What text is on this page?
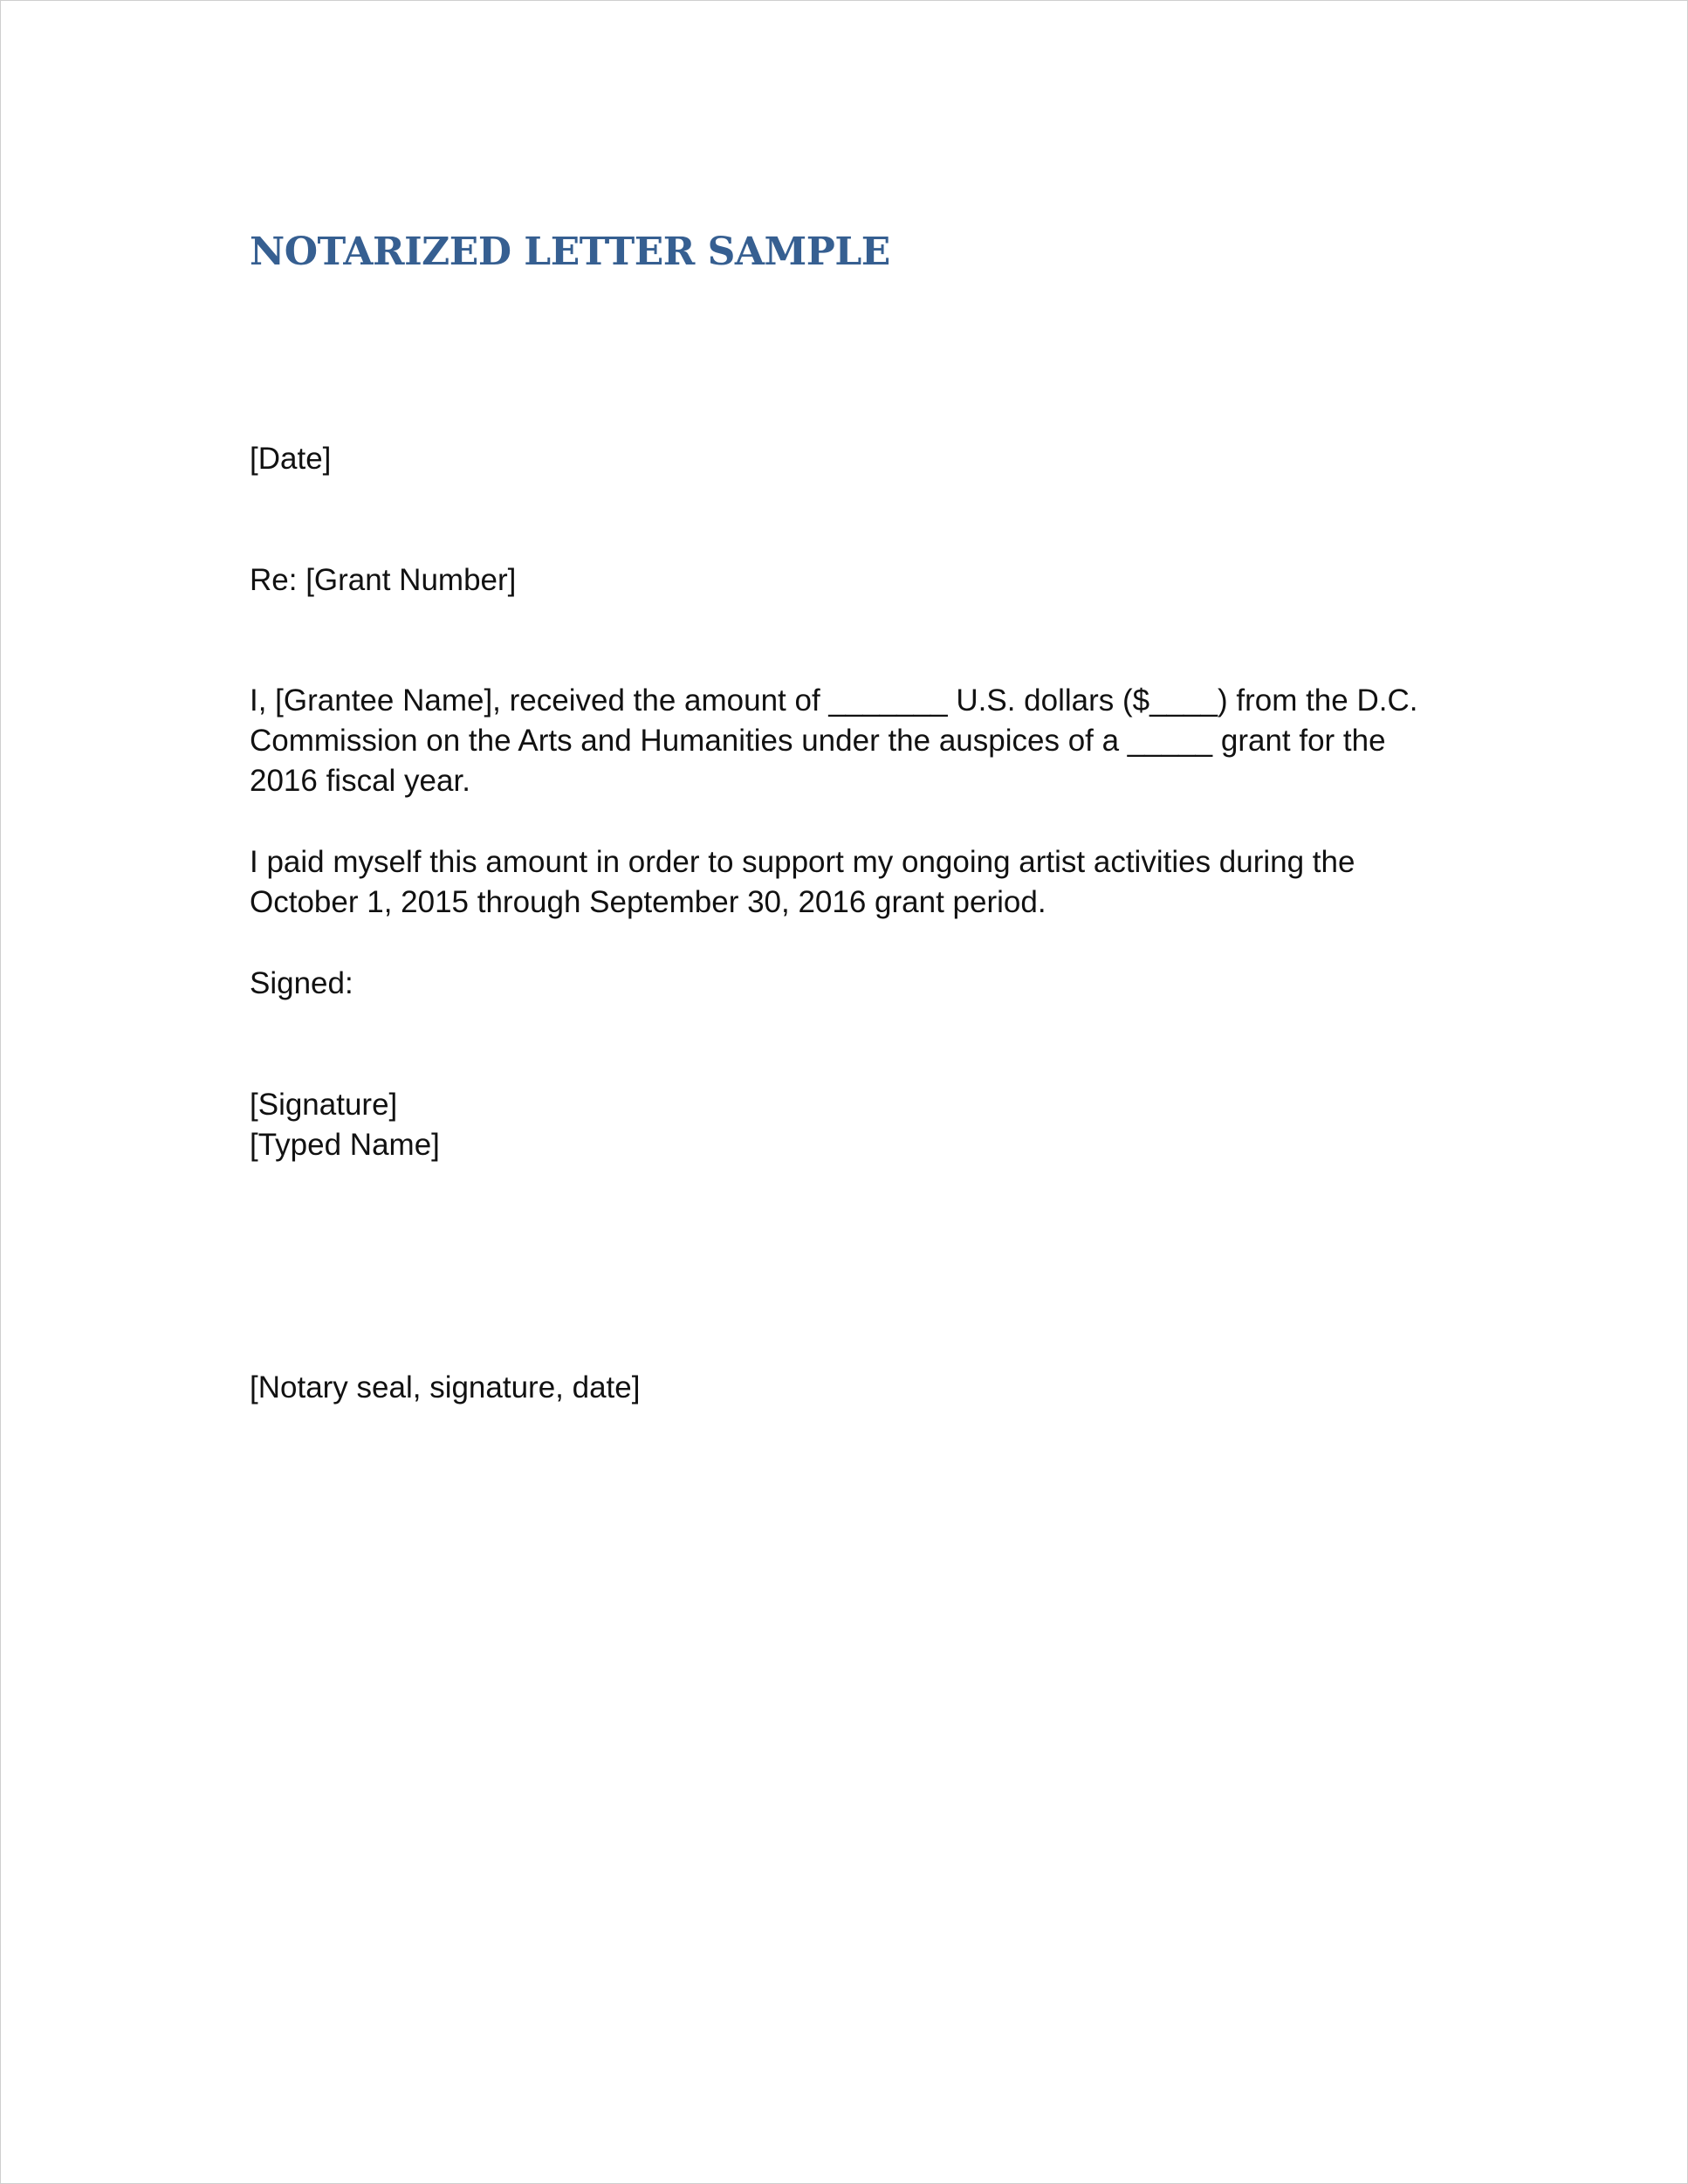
NOTARIZED LETTER SAMPLE

[Date]

Re: [Grant Number]

I, [Grantee Name], received the amount of _______ U.S. dollars ($____) from the D.C.

Commission on the Arts and Humanities under the auspices of a _____ grant for the

2016 fiscal year.

I paid myself this amount in order to support my ongoing artist activities during the

October 1, 2015 through September 30, 2016 grant period.

Signed:

[Signature]

[Typed Name]

[Notary seal, signature, date]
